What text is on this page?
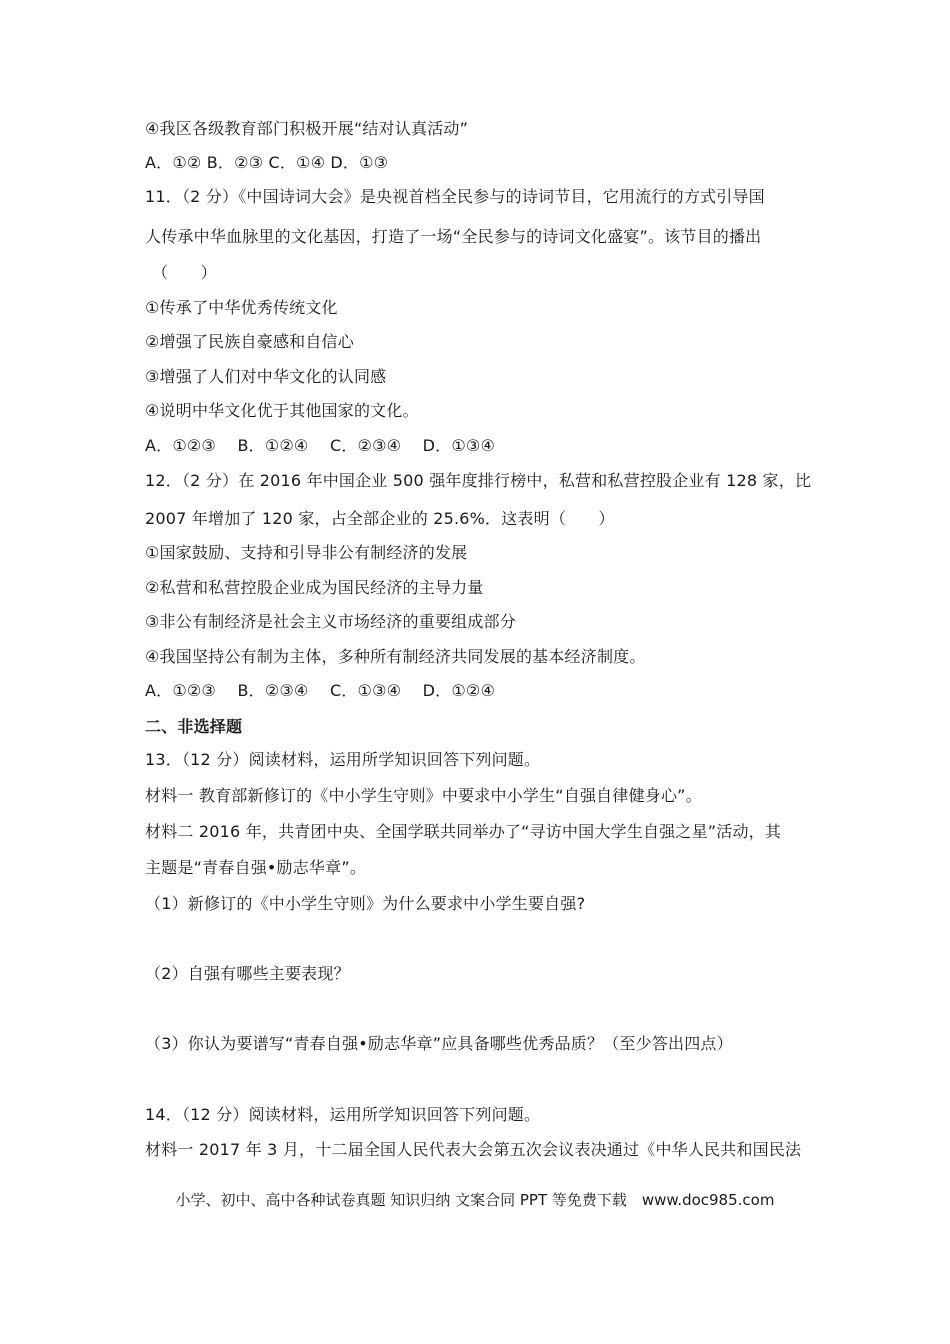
④我区各级教育部门积极开展“结对认真活动”
A．①② B．②③ C．①④ D．①③
11．（2 分）《中国诗词大会》是央视首档全民参与的诗词节目，它用流行的方式引导国
人传承中华血脉里的文化基因，打造了一场“全民参与的诗词文化盛宴”。该节目的播出
（　　）
①传承了中华优秀传统文化
②增强了民族自豪感和自信心
③增强了人们对中华文化的认同感
④说明中华文化优于其他国家的文化。
A．①②③　 B．①②④　 C．②③④　 D．①③④
12．（2 分）在 2016 年中国企业 500 强年度排行榜中，私营和私营控股企业有 128 家，比
2007 年增加了 120 家，占全部企业的 25.6%．这表明（　　）
①国家鼓励、支持和引导非公有制经济的发展
②私营和私营控股企业成为国民经济的主导力量
③非公有制经济是社会主义市场经济的重要组成部分
④我国坚持公有制为主体，多种所有制经济共同发展的基本经济制度。
A．①②③　 B．②③④　 C．①③④　 D．①②④
二、非选择题
13．（12 分）阅读材料，运用所学知识回答下列问题。
材料一 教育部新修订的《中小学生守则》中要求中小学生“自强自律健身心”。
材料二 2016 年，共青团中央、全国学联共同举办了“寻访中国大学生自强之星”活动，其
主题是“青春自强•励志华章”。
（1）新修订的《中小学生守则》为什么要求中小学生要自强?
（2）自强有哪些主要表现？
（3）你认为要谱写“青春自强•励志华章”应具备哪些优秀品质？（至少答出四点）
14．（12 分）阅读材料，运用所学知识回答下列问题。
材料一 2017 年 3 月，十二届全国人民代表大会第五次会议表决通过《中华人民共和国民法
小学、初中、高中各种试卷真题 知识归纳 文案合同 PPT 等免费下载　www.doc985.com
